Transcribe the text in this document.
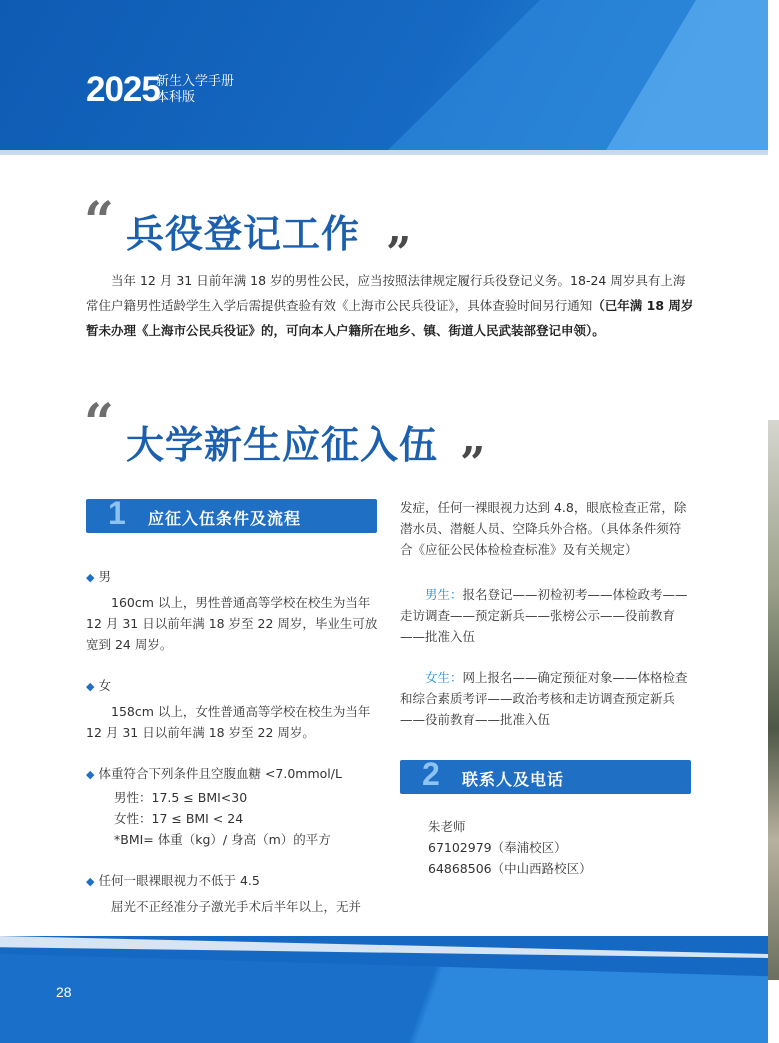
2025
新生入学手册
本科版
“ 兵役登记工作 ”
当年 12 月 31 日前年满 18 岁的男性公民，应当按照法律规定履行兵役登记义务。18-24 周岁具有上海常住户籍男性适龄学生入学后需提供查验有效《上海市公民兵役证》，具体查验时间另行通知（已年满 18 周岁暂未办理《上海市公民兵役证》的，可向本人户籍所在地乡、镇、街道人民武装部登记申领）。
“ 大学新生应征入伍 ”
1 应征入伍条件及流程
◆ 男

160cm 以上，男性普通高等学校在校生为当年 12 月 31 日以前年满 18 岁至 22 周岁，毕业生可放宽到 24 周岁。

◆ 女

158cm 以上，女性普通高等学校在校生为当年 12 月 31 日以前年满 18 岁至 22 周岁。

◆ 体重符合下列条件且空腹血糖 <7.0mmol/L
男性：17.5 ≤ BMI<30
女性：17 ≤ BMI < 24
*BMI= 体重（kg）/ 身高（m）的平方
◆ 任何一眼裸眼视力不低于 4.5

屈光不正经准分子激光手术后半年以上，无并

发症，任何一裸眼视力达到 4.8，眼底检查正常，除潜水员、潜艇人员、空降兵外合格。（具体条件须符合《应征公民体检检查标准》及有关规定）

男生：报名登记——初检初考——体检政考——走访调查——预定新兵——张榜公示——役前教育——批准入伍

女生：网上报名——确定预征对象——体格检查和综合素质考评——政治考核和走访调查预定新兵——役前教育——批准入伍

2 联系人及电话
朱老师
67102979（奉浦校区）
64868506（中山西路校区）
28
